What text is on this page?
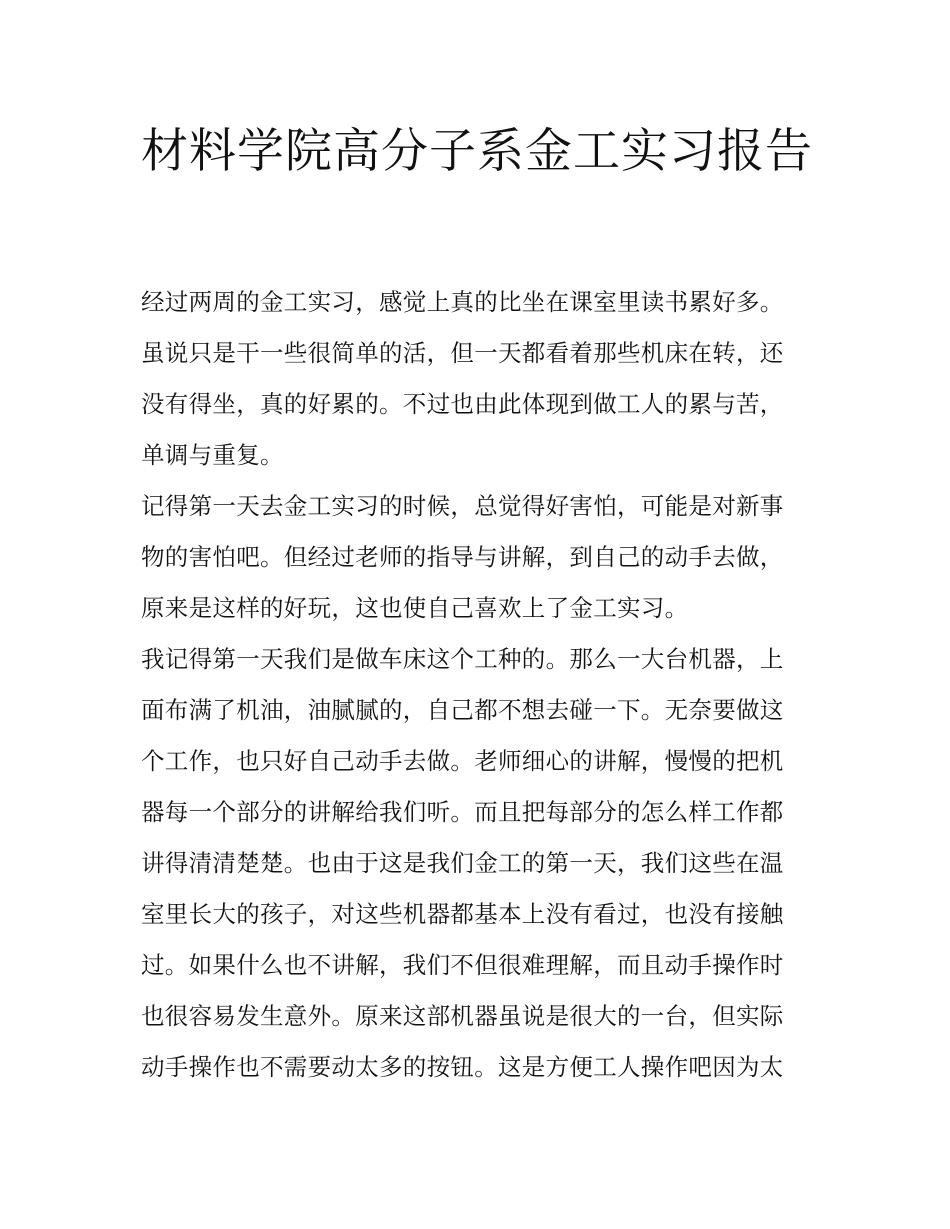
材料学院高分子系金工实习报告
经过两周的金工实习，感觉上真的比坐在课室里读书累好多。
虽说只是干一些很简单的活，但一天都看着那些机床在转，还
没有得坐，真的好累的。不过也由此体现到做工人的累与苦，
单调与重复。
记得第一天去金工实习的时候，总觉得好害怕，可能是对新事
物的害怕吧。但经过老师的指导与讲解，到自己的动手去做，
原来是这样的好玩，这也使自己喜欢上了金工实习。
我记得第一天我们是做车床这个工种的。那么一大台机器，上
面布满了机油，油腻腻的，自己都不想去碰一下。无奈要做这
个工作，也只好自己动手去做。老师细心的讲解，慢慢的把机
器每一个部分的讲解给我们听。而且把每部分的怎么样工作都
讲得清清楚楚。也由于这是我们金工的第一天，我们这些在温
室里长大的孩子，对这些机器都基本上没有看过，也没有接触
过。如果什么也不讲解，我们不但很难理解，而且动手操作时
也很容易发生意外。原来这部机器虽说是很大的一台，但实际
动手操作也不需要动太多的按钮。这是方便工人操作吧因为太
